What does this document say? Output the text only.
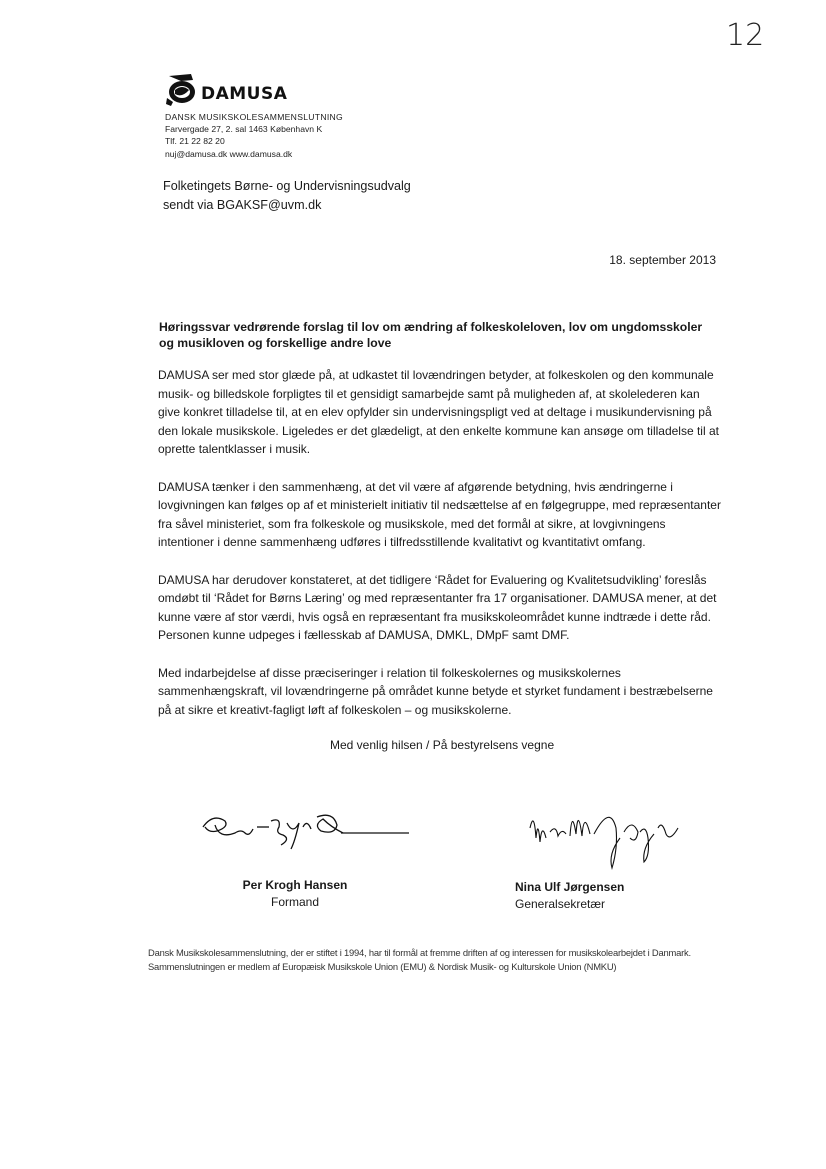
12
DAMUSA
DANSK MUSIKSKOLESAMMENSLUTNING
Farvergade 27, 2. sal 1463 København K
Tlf. 21 22 82 20
nuj@damusa.dk www.damusa.dk
Folketingets Børne- og Undervisningsudvalg
sendt via BGAKSF@uvm.dk
18. september 2013
Høringssvar vedrørende forslag til lov om ændring af folkeskoleloven, lov om ungdomsskoler og musikloven og forskellige andre love

DAMUSA ser med stor glæde på, at udkastet til lovændringen betyder, at folkeskolen og den kommunale musik- og billedskole forpligtes til et gensidigt samarbejde samt på muligheden af, at skolelederen kan give konkret tilladelse til, at en elev opfylder sin undervisningspligt ved at deltage i musikundervisning på den lokale musikskole. Ligeledes er det glædeligt, at den enkelte kommune kan ansøge om tilladelse til at oprette talentklasser i musik.

DAMUSA tænker i den sammenhæng, at det vil være af afgørende betydning, hvis ændringerne i lovgivningen kan følges op af et ministerielt initiativ til nedsættelse af en følgegruppe, med repræsentanter fra såvel ministeriet, som fra folkeskole og musikskole, med det formål at sikre, at lovgivningens intentioner i denne sammenhæng udføres i tilfredsstillende kvalitativt og kvantitativt omfang.

DAMUSA har derudover konstateret, at det tidligere ‘Rådet for Evaluering og Kvalitetsudvikling’ foreslås omdøbt til ‘Rådet for Børns Læring’ og med repræsentanter fra 17 organisationer. DAMUSA mener, at det kunne være af stor værdi, hvis også en repræsentant fra musikskoleområdet kunne indtræde i dette råd. Personen kunne udpeges i fællesskab af DAMUSA, DMKL, DMpF samt DMF.

Med indarbejdelse af disse præciseringer i relation til folkeskolernes og musikskolernes sammenhængskraft, vil lovændringerne på området kunne betyde et styrket fundament i bestræbelserne på at sikre et kreativt-fagligt løft af folkeskolen – og musikskolerne.

Med venlig hilsen / På bestyrelsens vegne
Per Krogh Hansen
Formand
Nina Ulf Jørgensen
Generalsekretær
Dansk Musikskolesammenslutning, der er stiftet i 1994, har til formål at fremme driften af og interessen for musikskolearbejdet i Danmark. Sammenslutningen er medlem af Europæisk Musikskole Union (EMU) & Nordisk Musik- og Kulturskole Union (NMKU)
